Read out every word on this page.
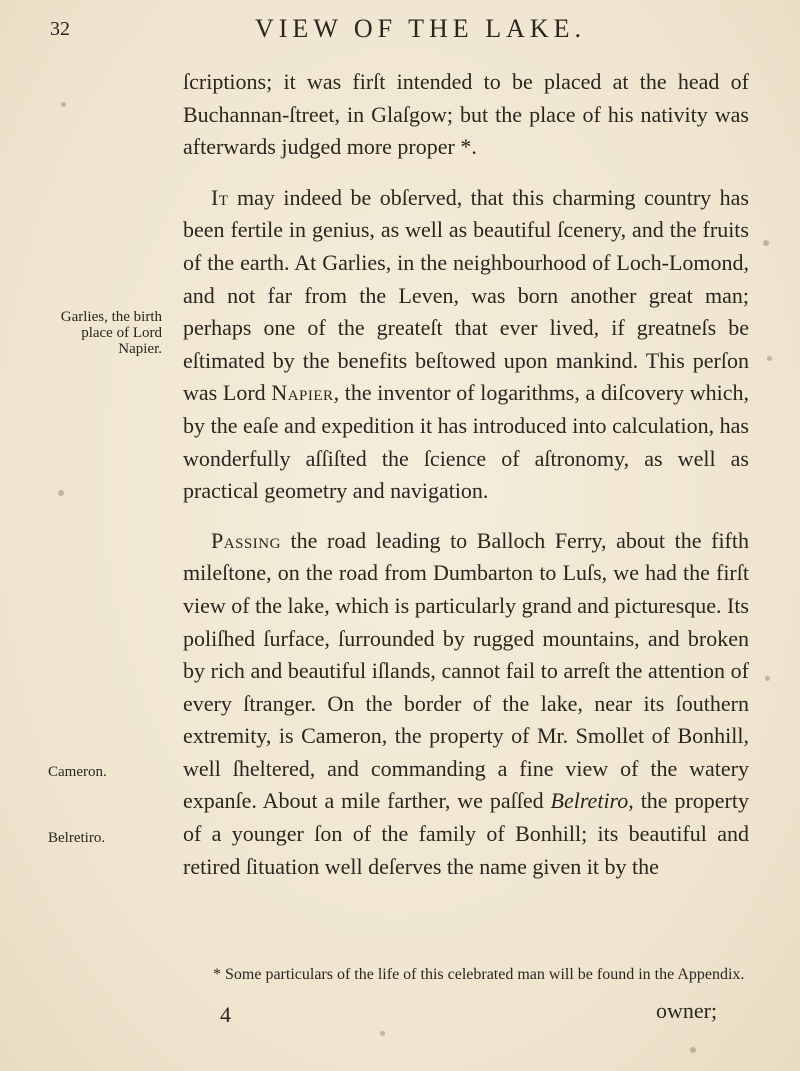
32	VIEW OF THE LAKE.
Garlies, the birth place of Lord Napier.
Cameron.
Belretiro.

ſcriptions; it was firſt intended to be placed at the head of Buchannan-ſtreet, in Glaſgow; but the place of his nativity was afterwards judged more proper *.

It may indeed be obſerved, that this charming country has been fertile in genius, as well as beautiful ſcenery, and the fruits of the earth. At Garlies, in the neighbourhood of Loch-Lomond, and not far from the Leven, was born another great man; perhaps one of the greateſt that ever lived, if greatneſs be eſtimated by the benefits beſtowed upon mankind. This perſon was Lord Napier, the inventor of logarithms, a diſcovery which, by the eaſe and expedition it has introduced into calculation, has wonderfully aſſiſted the ſcience of aſtronomy, as well as practical geometry and navigation.

Passing the road leading to Balloch Ferry, about the fifth mileſtone, on the road from Dumbarton to Luſs, we had the firſt view of the lake, which is particularly grand and picturesque. Its poliſhed ſurface, ſurrounded by rugged mountains, and broken by rich and beautiful iſlands, cannot fail to arreſt the attention of every ſtranger. On the border of the lake, near its ſouthern extremity, is Cameron, the property of Mr. Smollet of Bonhill, well ſheltered, and commanding a fine view of the watery expanſe. About a mile farther, we paſſed Belretiro, the property of a younger ſon of the family of Bonhill; its beautiful and retired ſituation well deſerves the name given it by the

* Some particulars of the life of this celebrated man will be found in the Appendix.
4	owner;
